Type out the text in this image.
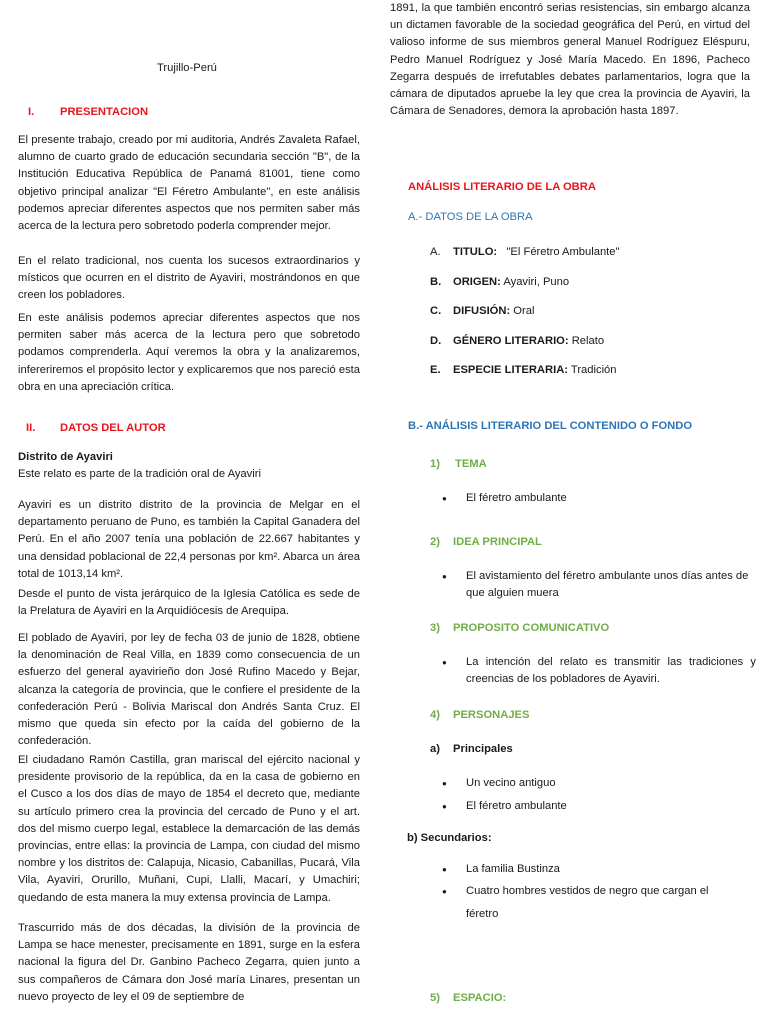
Trujillo-Perú
I. PRESENTACION

El presente trabajo, creado por mi auditoria, Andrés Zavaleta Rafael, alumno de cuarto grado de educación secundaria sección "B", de la Institución Educativa República de Panamá 81001, tiene como objetivo principal analizar "El Féretro Ambulante", en este análisis podemos apreciar diferentes aspectos que nos permiten saber más acerca de la lectura pero sobretodo poderla comprender mejor.

En el relato tradicional, nos cuenta los sucesos extraordinarios y místicos que ocurren en el distrito de Ayaviri, mostrándonos en que creen los pobladores.

En este análisis podemos apreciar diferentes aspectos que nos permiten saber más acerca de la lectura pero que sobretodo podamos comprenderla. Aquí veremos la obra y la analizaremos, infereriremos el propósito lector y explicaremos que nos pareció esta obra en una apreciación crítica.

II. DATOS DEL AUTOR
Distrito de Ayaviri
Este relato es parte de la tradición oral de Ayaviri

Ayaviri es un distrito distrito de la provincia de Melgar en el departamento peruano de Puno, es también la Capital Ganadera del Perú. En el año 2007 tenía una población de 22.667 habitantes y una densidad poblacional de 22,4 personas por km². Abarca un área total de 1013,14 km².

Desde el punto de vista jerárquico de la Iglesia Católica es sede de la Prelatura de Ayaviri en la Arquidiócesis de Arequipa.

El poblado de Ayaviri, por ley de fecha 03 de junio de 1828, obtiene la denominación de Real Villa, en 1839 como consecuencia de un esfuerzo del general ayavirieño don José Rufino Macedo y Bejar, alcanza la categoría de provincia, que le confiere el presidente de la confederación Perú - Bolivia Mariscal don Andrés Santa Cruz. El mismo que queda sin efecto por la caída del gobierno de la confederación.

El ciudadano Ramón Castilla, gran mariscal del ejército nacional y presidente provisorio de la república, da en la casa de gobierno en el Cusco a los dos días de mayo de 1854 el decreto que, mediante su artículo primero crea la provincia del cercado de Puno y el art. dos del mismo cuerpo legal, establece la demarcación de las demás provincias, entre ellas: la provincia de Lampa, con ciudad del mismo nombre y los distritos de: Calapuja, Nicasio, Cabanillas, Pucará, Vila Vila, Ayaviri, Orurillo, Muñani, Cupi, Llalli, Macarí, y Umachiri; quedando de esta manera la muy extensa provincia de Lampa.

Trascurrido más de dos décadas, la división de la provincia de Lampa se hace menester, precisamente en 1891, surge en la esfera nacional la figura del Dr. Ganbino Pacheco Zegarra, quien junto a sus compañeros de Cámara don José maría Linares, presentan un nuevo proyecto de ley el 09 de septiembre de

1891, la que también encontró serias resistencias, sin embargo alcanza un dictamen favorable de la sociedad geográfica del Perú, en virtud del valioso informe de sus miembros general Manuel Rodríguez Eléspuru, Pedro Manuel Rodríguez y José María Macedo. En 1896, Pacheco Zegarra después de irrefutables debates parlamentarios, logra que la cámara de diputados apruebe la ley que crea la provincia de Ayaviri, la Cámara de Senadores, demora la aprobación hasta 1897.

ANÁLISIS LITERARIO DE LA OBRA
A.- DATOS DE LA OBRA
A. TITULO: "El Féretro Ambulante"
B. ORIGEN: Ayaviri, Puno
C. DIFUSIÓN: Oral
D. GÉNERO LITERARIO: Relato
E. ESPECIE LITERARIA: Tradición
B.- ANÁLISIS LITERARIO DEL CONTENIDO O FONDO
1) TEMA
● El féretro ambulante
2) IDEA PRINCIPAL
● El avistamiento del féretro ambulante unos días antes de que alguien muera
3) PROPOSITO COMUNICATIVO
● La intención del relato es transmitir las tradiciones y creencias de los pobladores de Ayaviri.
4) PERSONAJES
a) Principales
● Un vecino antiguo
● El féretro ambulante
b) Secundarios:
● La familia Bustinza
● Cuatro hombres vestidos de negro que cargan el
féretro
5) ESPACIO:
